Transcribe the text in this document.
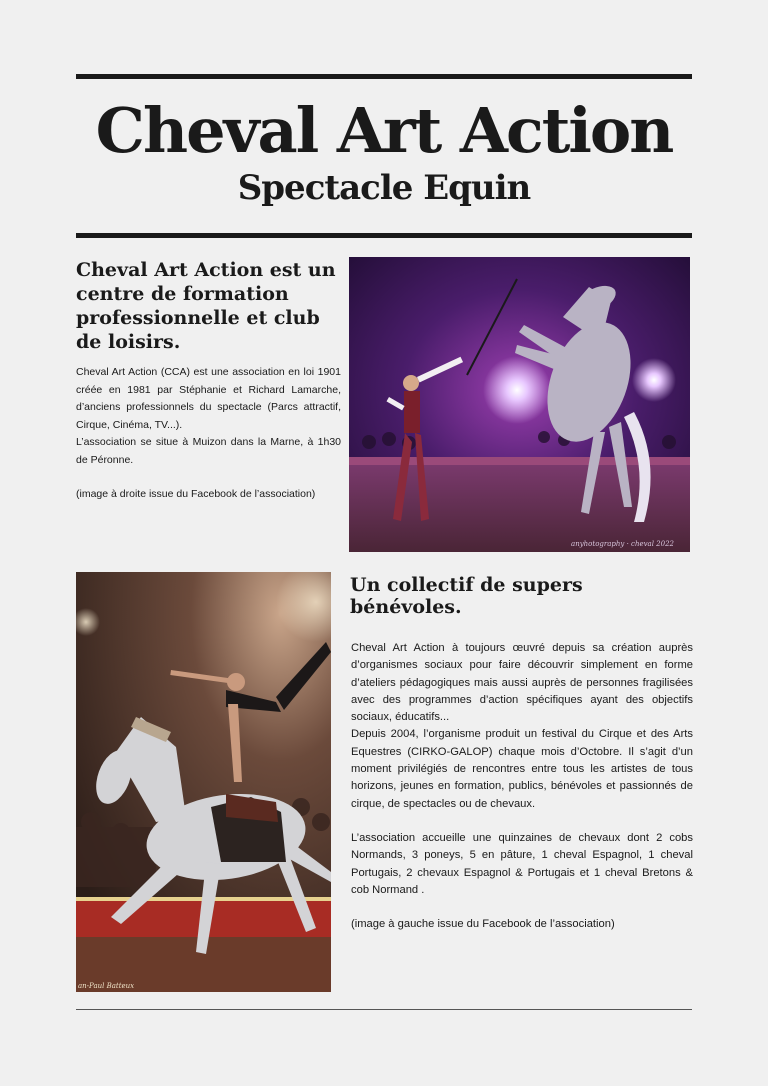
Cheval Art Action
Spectacle Equin
Cheval Art Action est un centre de formation professionnelle et club de loisirs.
Cheval Art Action (CCA) est une association en loi 1901 créée en 1981 par Stéphanie et Richard Lamarche, d’anciens professionnels du spectacle (Parcs attractif, Cirque, Cinéma, TV...).
L’association se situe à Muizon dans la Marne, à 1h30 de Péronne.
(image à droite issue du Facebook de l’association)
anyhotography · cheval 2022
an-Paul Batteux
Un collectif de supers bénévoles.
Cheval Art Action à toujours œuvré depuis sa création auprès d’organismes sociaux pour faire découvrir simplement en forme d’ateliers pédagogiques mais aussi auprès de personnes fragilisées avec des programmes d’action spécifiques ayant des objectifs sociaux, éducatifs...
Depuis 2004, l’organisme produit un festival du Cirque et des Arts Equestres (CIRKO-GALOP) chaque mois d’Octobre. Il s’agit d’un moment privilégiés de rencontres entre tous les artistes de tous horizons, jeunes en formation, publics, bénévoles et passionnés de cirque, de spectacles ou de chevaux.
L’association accueille une quinzaines de chevaux dont 2 cobs Normands, 3 poneys, 5 en pâture, 1 cheval Espagnol, 1 cheval Portugais, 2 chevaux Espagnol & Portugais et 1 cheval Bretons & cob Normand .
(image à gauche issue du Facebook de l’association)
